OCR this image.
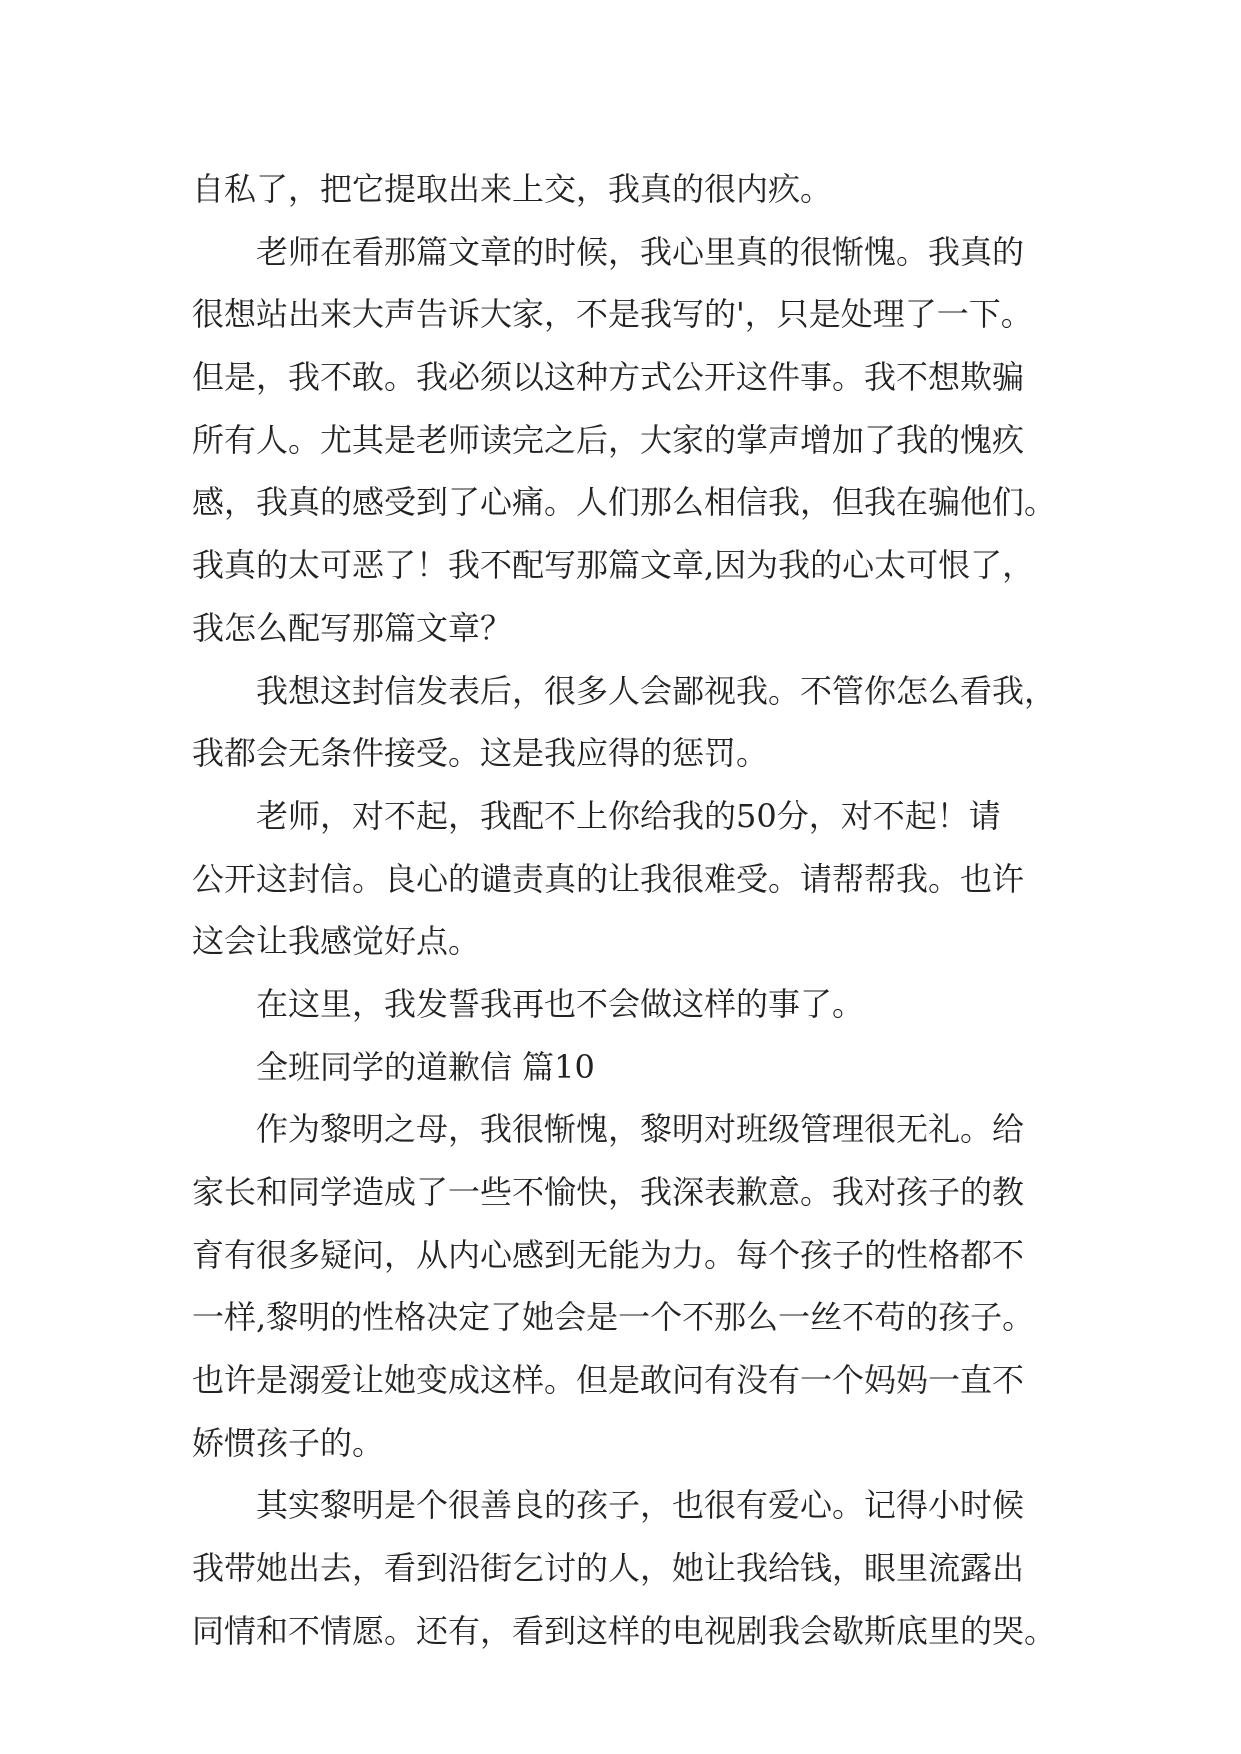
自私了，把它提取出来上交，我真的很内疚。
老师在看那篇文章的时候，我心里真的很惭愧。我真的
很想站出来大声告诉大家，不是我写的'，只是处理了一下。
但是，我不敢。我必须以这种方式公开这件事。我不想欺骗
所有人。尤其是老师读完之后，大家的掌声增加了我的愧疚
感，我真的感受到了心痛。人们那么相信我，但我在骗他们。
我真的太可恶了！我不配写那篇文章,因为我的心太可恨了，
我怎么配写那篇文章？
我想这封信发表后，很多人会鄙视我。不管你怎么看我，
我都会无条件接受。这是我应得的惩罚。
老师，对不起，我配不上你给我的50分，对不起！请
公开这封信。良心的谴责真的让我很难受。请帮帮我。也许
这会让我感觉好点。
在这里，我发誓我再也不会做这样的事了。
全班同学的道歉信 篇10
作为黎明之母，我很惭愧，黎明对班级管理很无礼。给
家长和同学造成了一些不愉快，我深表歉意。我对孩子的教
育有很多疑问，从内心感到无能为力。每个孩子的性格都不
一样,黎明的性格决定了她会是一个不那么一丝不苟的孩子。
也许是溺爱让她变成这样。但是敢问有没有一个妈妈一直不
娇惯孩子的。
其实黎明是个很善良的孩子，也很有爱心。记得小时候
我带她出去，看到沿街乞讨的人，她让我给钱，眼里流露出
同情和不情愿。还有，看到这样的电视剧我会歇斯底里的哭。
